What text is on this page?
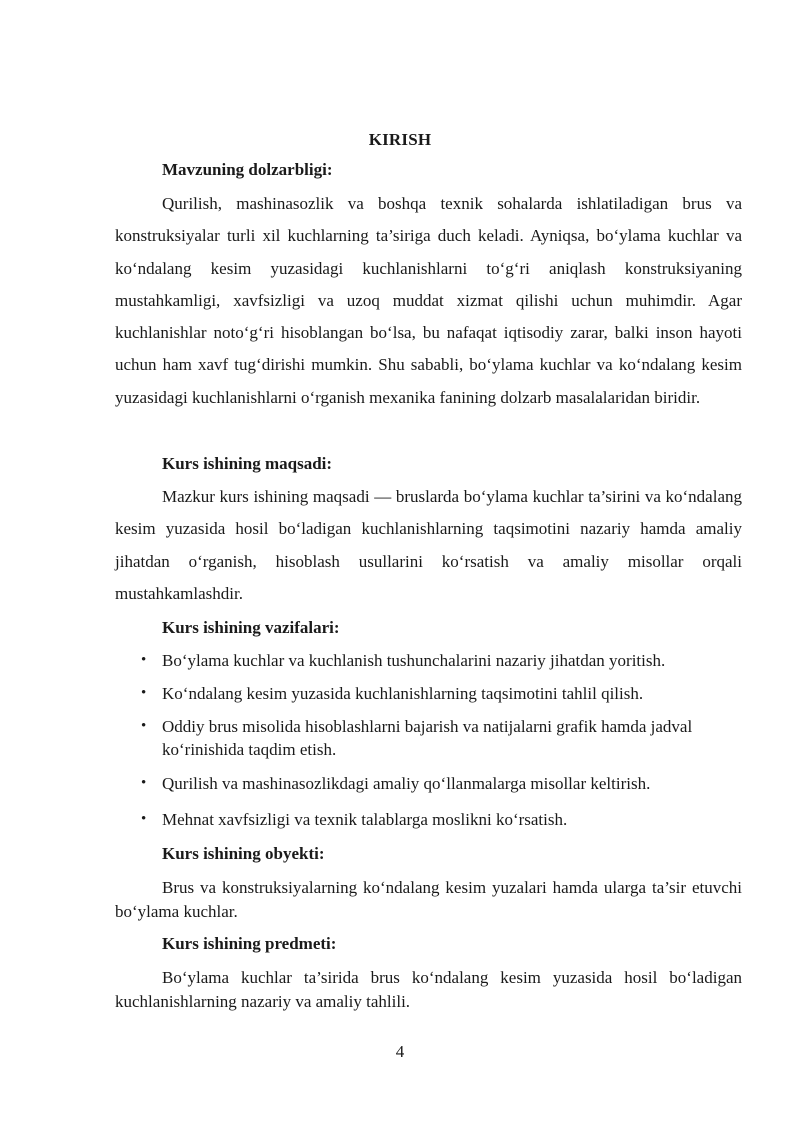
KIRISH
Mavzuning dolzarbligi:
Qurilish, mashinasozlik va boshqa texnik sohalarda ishlatiladigan brus va konstruksiyalar turli xil kuchlarning ta’siriga duch keladi. Ayniqsa, bo‘ylama kuchlar va ko‘ndalang kesim yuzasidagi kuchlanishlarni to‘g‘ri aniqlash konstruksiyaning mustahkamligi, xavfsizligi va uzoq muddat xizmat qilishi uchun muhimdir. Agar kuchlanishlar noto‘g‘ri hisoblangan bo‘lsa, bu nafaqat iqtisodiy zarar, balki inson hayoti uchun ham xavf tug‘dirishi mumkin. Shu sababli, bo‘ylama kuchlar va ko‘ndalang kesim yuzasidagi kuchlanishlarni o‘rganish mexanika fanining dolzarb masalalaridan biridir.
Kurs ishining maqsadi:
Mazkur kurs ishining maqsadi — bruslarda bo‘ylama kuchlar ta’sirini va ko‘ndalang kesim yuzasida hosil bo‘ladigan kuchlanishlarning taqsimotini nazariy hamda amaliy jihatdan o‘rganish, hisoblash usullarini ko‘rsatish va amaliy misollar orqali mustahkamlashdir.
Kurs ishining vazifalari:
• Bo‘ylama kuchlar va kuchlanish tushunchalarini nazariy jihatdan yoritish.
• Ko‘ndalang kesim yuzasida kuchlanishlarning taqsimotini tahlil qilish.
• Oddiy brus misolida hisoblashlarni bajarish va natijalarni grafik hamda jadval ko‘rinishida taqdim etish.
• Qurilish va mashinasozlikdagi amaliy qo‘llanmalarga misollar keltirish.
• Mehnat xavfsizligi va texnik talablarga moslikni ko‘rsatish.
Kurs ishining obyekti:
Brus va konstruksiyalarning ko‘ndalang kesim yuzalari hamda ularga ta’sir etuvchi bo‘ylama kuchlar.
Kurs ishining predmeti:
Bo‘ylama kuchlar ta’sirida brus ko‘ndalang kesim yuzasida hosil bo‘ladigan kuchlanishlarning nazariy va amaliy tahlili.
4
